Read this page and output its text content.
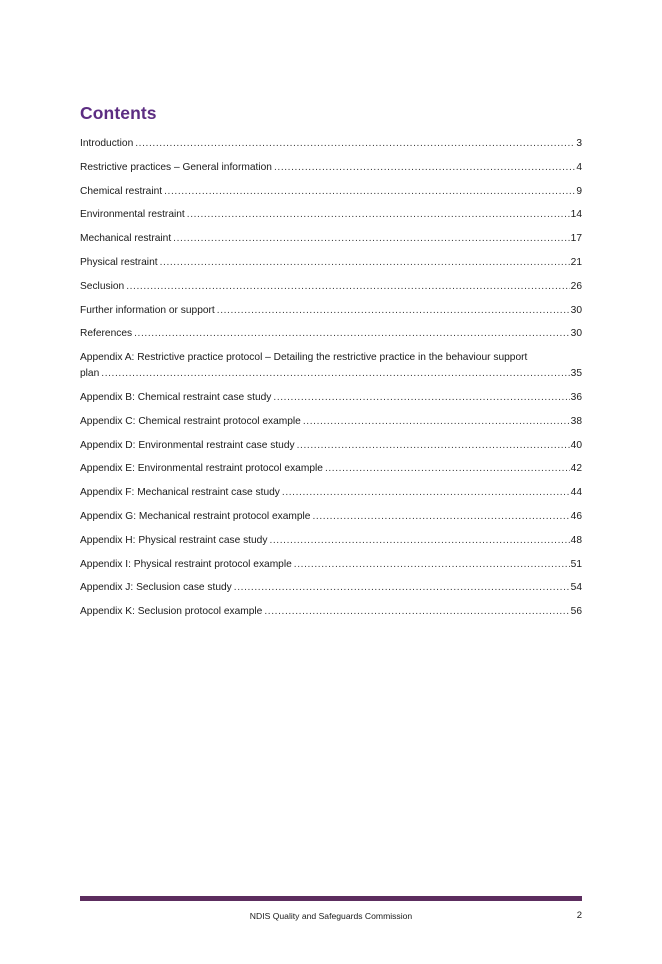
Contents
Introduction .....	3
Restrictive practices – General information .....	4
Chemical restraint .....	9
Environmental restraint .....	14
Mechanical restraint .....	17
Physical restraint .....	21
Seclusion .....	26
Further information or support .....	30
References .....	30
Appendix A: Restrictive practice protocol – Detailing the restrictive practice in the behaviour support
plan .....	35
Appendix B: Chemical restraint case study .....	36
Appendix C: Chemical restraint protocol example .....	38
Appendix D: Environmental restraint case study .....	40
Appendix E: Environmental restraint protocol example .....	42
Appendix F: Mechanical restraint case study .....	44
Appendix G: Mechanical restraint protocol example .....	46
Appendix H: Physical restraint case study .....	48
Appendix I: Physical restraint protocol example .....	51
Appendix J: Seclusion case study .....	54
Appendix K: Seclusion protocol example .....	56
NDIS Quality and Safeguards Commission	2
